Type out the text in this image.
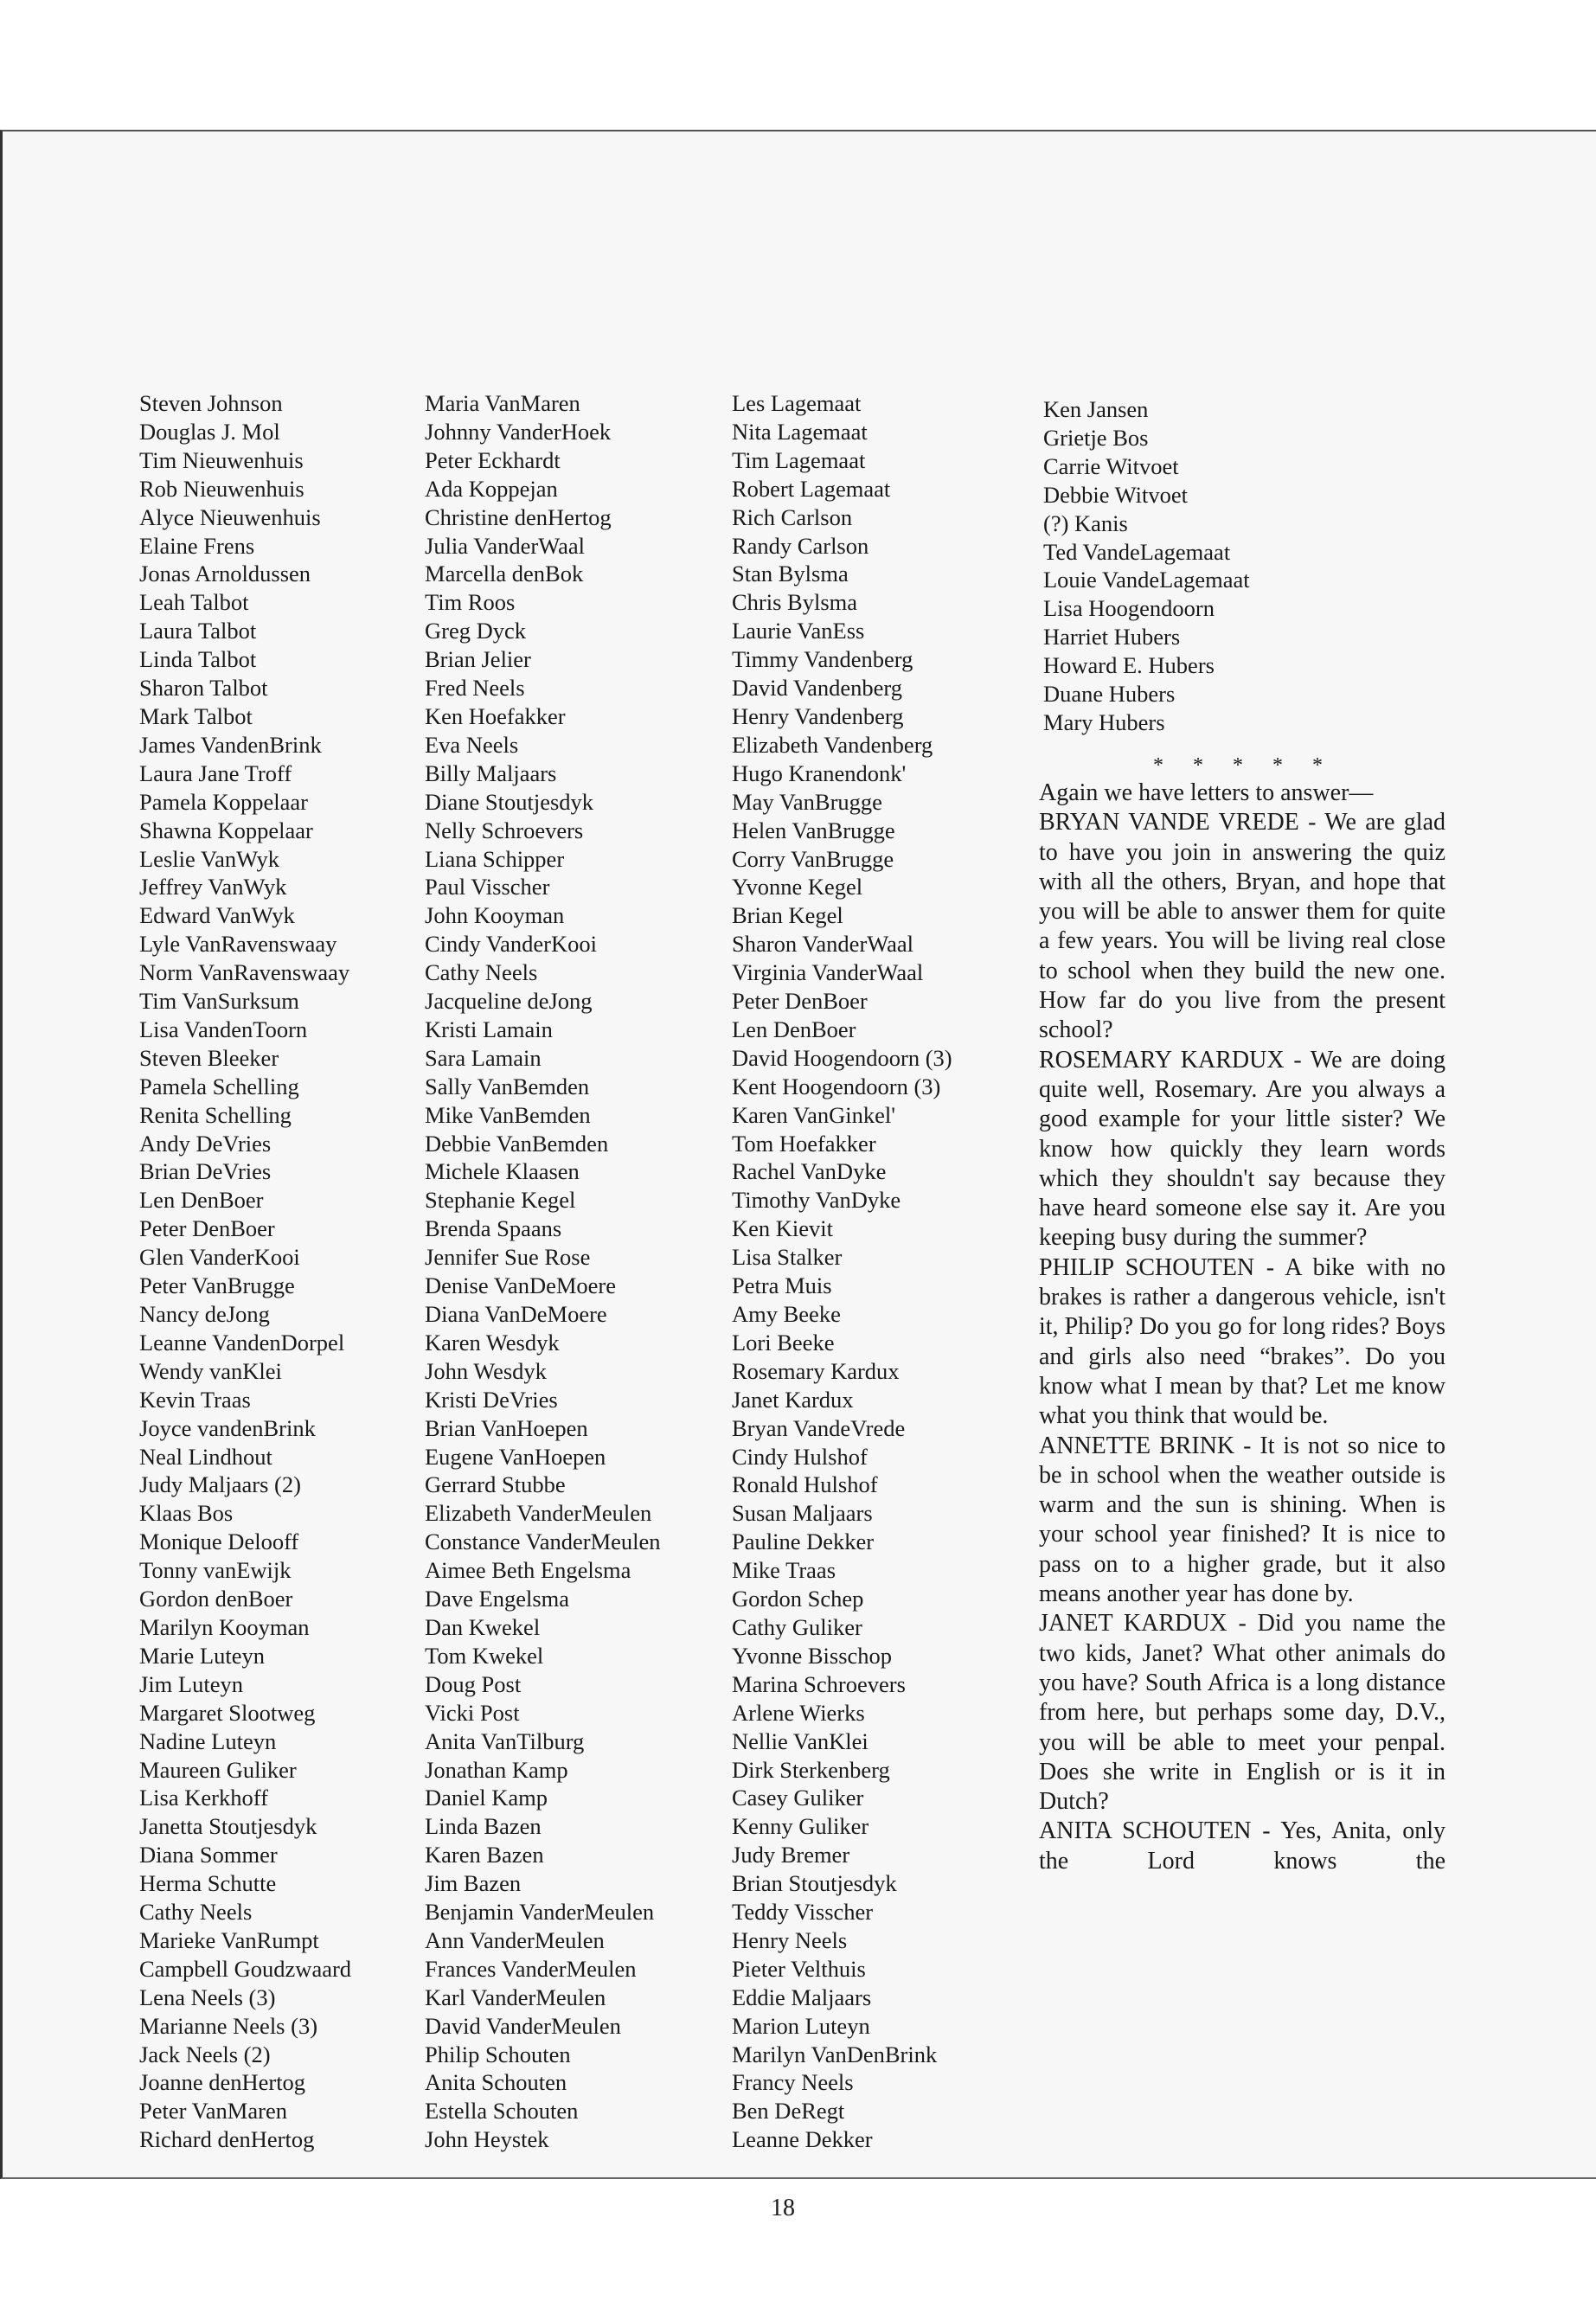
Steven Johnson
Douglas J. Mol
Tim Nieuwenhuis
Rob Nieuwenhuis
Alyce Nieuwenhuis
Elaine Frens
Jonas Arnoldussen
Leah Talbot
Laura Talbot
Linda Talbot
Sharon Talbot
Mark Talbot
James VandenBrink
Laura Jane Troff
Pamela Koppelaar
Shawna Koppelaar
Leslie VanWyk
Jeffrey VanWyk
Edward VanWyk
Lyle VanRavenswaay
Norm VanRavenswaay
Tim VanSurksum
Lisa VandenToorn
Steven Bleeker
Pamela Schelling
Renita Schelling
Andy DeVries
Brian DeVries
Len DenBoer
Peter DenBoer
Glen VanderKooi
Peter VanBrugge
Nancy deJong
Leanne VandenDorpel
Wendy vanKlei
Kevin Traas
Joyce vandenBrink
Neal Lindhout
Judy Maljaars (2)
Klaas Bos
Monique Delooff
Tonny vanEwijk
Gordon denBoer
Marilyn Kooyman
Marie Luteyn
Jim Luteyn
Margaret Slootweg
Nadine Luteyn
Maureen Guliker
Lisa Kerkhoff
Janetta Stoutjesdyk
Diana Sommer
Herma Schutte
Cathy Neels
Marieke VanRumpt
Campbell Goudzwaard
Lena Neels (3)
Marianne Neels (3)
Jack Neels (2)
Joanne denHertog
Peter VanMaren
Richard denHertog
Maria VanMaren
Johnny VanderHoek
Peter Eckhardt
Ada Koppejan
Christine denHertog
Julia VanderWaal
Marcella denBok
Tim Roos
Greg Dyck
Brian Jelier
Fred Neels
Ken Hoefakker
Eva Neels
Billy Maljaars
Diane Stoutjesdyk
Nelly Schroevers
Liana Schipper
Paul Visscher
John Kooyman
Cindy VanderKooi
Cathy Neels
Jacqueline deJong
Kristi Lamain
Sara Lamain
Sally VanBemden
Mike VanBemden
Debbie VanBemden
Michele Klaasen
Stephanie Kegel
Brenda Spaans
Jennifer Sue Rose
Denise VanDeMoere
Diana VanDeMoere
Karen Wesdyk
John Wesdyk
Kristi DeVries
Brian VanHoepen
Eugene VanHoepen
Gerrard Stubbe
Elizabeth VanderMeulen
Constance VanderMeulen
Aimee Beth Engelsma
Dave Engelsma
Dan Kwekel
Tom Kwekel
Doug Post
Vicki Post
Anita VanTilburg
Jonathan Kamp
Daniel Kamp
Linda Bazen
Karen Bazen
Jim Bazen
Benjamin VanderMeulen
Ann VanderMeulen
Frances VanderMeulen
Karl VanderMeulen
David VanderMeulen
Philip Schouten
Anita Schouten
Estella Schouten
John Heystek
Les Lagemaat
Nita Lagemaat
Tim Lagemaat
Robert Lagemaat
Rich Carlson
Randy Carlson
Stan Bylsma
Chris Bylsma
Laurie VanEss
Timmy Vandenberg
David Vandenberg
Henry Vandenberg
Elizabeth Vandenberg
Hugo Kranendonk'
May VanBrugge
Helen VanBrugge
Corry VanBrugge
Yvonne Kegel
Brian Kegel
Sharon VanderWaal
Virginia VanderWaal
Peter DenBoer
Len DenBoer
David Hoogendoorn (3)
Kent Hoogendoorn (3)
Karen VanGinkel'
Tom Hoefakker
Rachel VanDyke
Timothy VanDyke
Ken Kievit
Lisa Stalker
Petra Muis
Amy Beeke
Lori Beeke
Rosemary Kardux
Janet Kardux
Bryan VandeVrede
Cindy Hulshof
Ronald Hulshof
Susan Maljaars
Pauline Dekker
Mike Traas
Gordon Schep
Cathy Guliker
Yvonne Bisschop
Marina Schroevers
Arlene Wierks
Nellie VanKlei
Dirk Sterkenberg
Casey Guliker
Kenny Guliker
Judy Bremer
Brian Stoutjesdyk
Teddy Visscher
Henry Neels
Pieter Velthuis
Eddie Maljaars
Marion Luteyn
Marilyn VanDenBrink
Francy Neels
Ben DeRegt
Leanne Dekker
Ken Jansen
Grietje Bos
Carrie Witvoet
Debbie Witvoet
(?) Kanis
Ted VandeLagemaat
Louie VandeLagemaat
Lisa Hoogendoorn
Harriet Hubers
Howard E. Hubers
Duane Hubers
Mary Hubers
* * * * *

Again we have letters to answer—

BRYAN VANDE VREDE - We are glad to have you join in answering the quiz with all the others, Bryan, and hope that you will be able to answer them for quite a few years. You will be living real close to school when they build the new one. How far do you live from the present school?

ROSEMARY KARDUX - We are doing quite well, Rosemary. Are you always a good example for your little sister? We know how quickly they learn words which they shouldn't say because they have heard someone else say it. Are you keeping busy during the summer?

PHILIP SCHOUTEN - A bike with no brakes is rather a dangerous vehicle, isn't it, Philip? Do you go for long rides? Boys and girls also need “brakes”. Do you know what I mean by that? Let me know what you think that would be.

ANNETTE BRINK - It is not so nice to be in school when the weather outside is warm and the sun is shining. When is your school year finished? It is nice to pass on to a higher grade, but it also means another year has done by.

JANET KARDUX - Did you name the two kids, Janet? What other animals do you have? South Africa is a long distance from here, but perhaps some day, D.V., you will be able to meet your penpal. Does she write in English or is it in Dutch?

ANITA SCHOUTEN - Yes, Anita, only the Lord knows the

18
